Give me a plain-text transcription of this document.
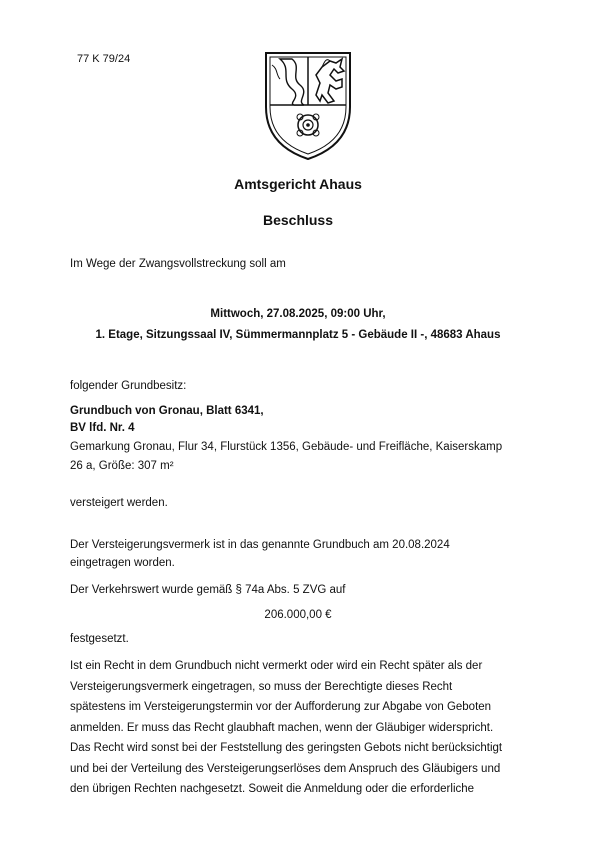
77 K 79/24
Amtsgericht Ahaus
Beschluss
Im Wege der Zwangsvollstreckung soll am
Mittwoch, 27.08.2025, 09:00 Uhr,
1. Etage, Sitzungssaal IV, Sümmermannplatz 5 - Gebäude II -, 48683 Ahaus
folgender Grundbesitz:
Grundbuch von Gronau, Blatt 6341,
BV lfd. Nr. 4
Gemarkung Gronau, Flur 34, Flurstück 1356, Gebäude- und Freifläche, Kaiserskamp
26 a, Größe: 307 m²
versteigert werden.
Der Versteigerungsvermerk ist in das genannte Grundbuch am 20.08.2024
eingetragen worden.
Der Verkehrswert wurde gemäß § 74a Abs. 5 ZVG auf
206.000,00 €
festgesetzt.
Ist ein Recht in dem Grundbuch nicht vermerkt oder wird ein Recht später als der
Versteigerungsvermerk eingetragen, so muss der Berechtigte dieses Recht
spätestens im Versteigerungstermin vor der Aufforderung zur Abgabe von Geboten
anmelden. Er muss das Recht glaubhaft machen, wenn der Gläubiger widerspricht.
Das Recht wird sonst bei der Feststellung des geringsten Gebots nicht berücksichtigt
und bei der Verteilung des Versteigerungserlöses dem Anspruch des Gläubigers und
den übrigen Rechten nachgesetzt. Soweit die Anmeldung oder die erforderliche
